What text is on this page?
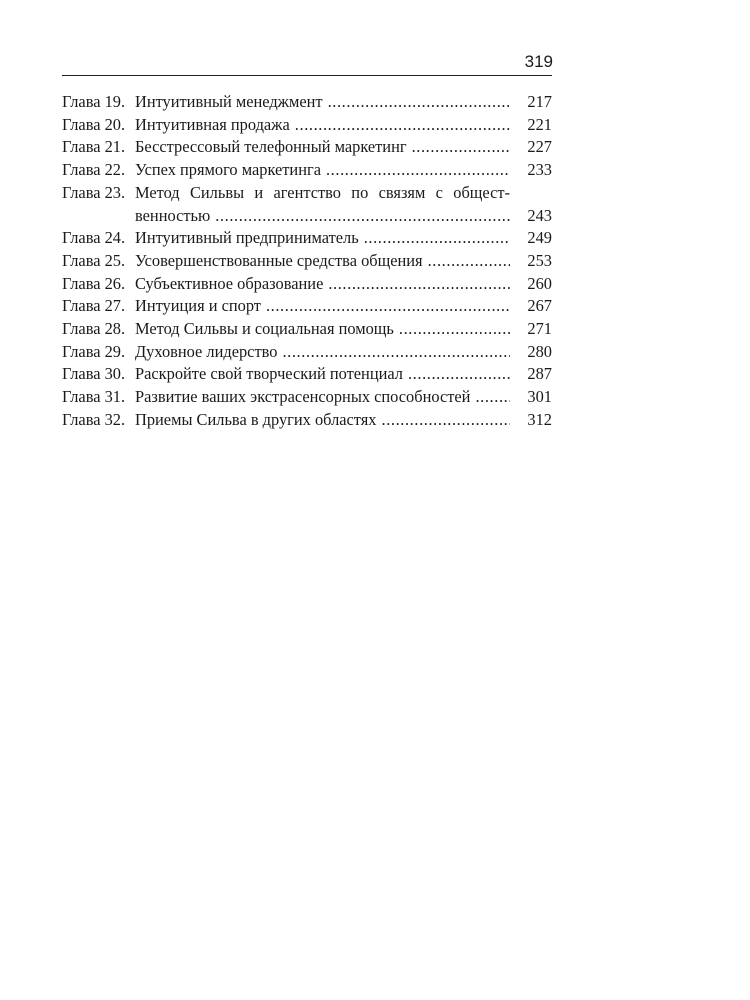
319
Глава 19. Интуитивный менеджмент .....	217
Глава 20. Интуитивная продажа .....	221
Глава 21. Бесстрессовый телефонный маркетинг .....	227
Глава 22. Успех прямого маркетинга .....	233
Глава 23. Метод Сильвы и агентство по связям с общест-
венностью .....	243
Глава 24. Интуитивный предприниматель .....	249
Глава 25. Усовершенствованные средства общения .....	253
Глава 26. Субъективное образование .....	260
Глава 27. Интуиция и спорт .....	267
Глава 28. Метод Сильвы и социальная помощь .....	271
Глава 29. Духовное лидерство .....	280
Глава 30. Раскройте свой творческий потенциал .....	287
Глава 31. Развитие ваших экстрасенсорных способностей .....	301
Глава 32. Приемы Сильва в других областях .....	312
